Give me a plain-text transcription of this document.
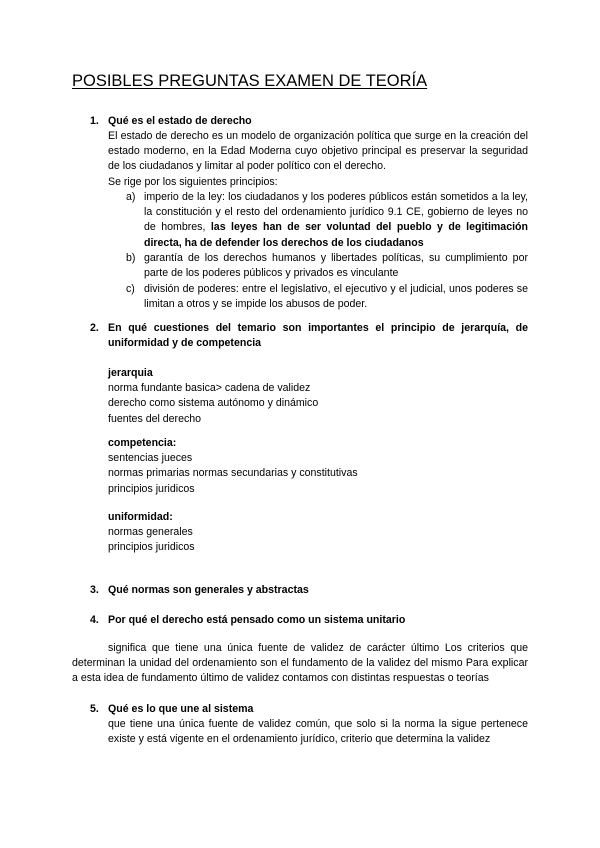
POSIBLES PREGUNTAS EXAMEN DE TEORÍA
1. Qué es el estado de derecho
El estado de derecho es un modelo de organización política que surge en la creación del estado moderno, en la Edad Moderna cuyo objetivo principal es preservar la seguridad de los ciudadanos y limitar al poder político con el derecho.
Se rige por los siguientes principios:
a) imperio de la ley: los ciudadanos y los poderes públicos están sometidos a la ley, la constitución y el resto del ordenamiento jurídico 9.1 CE, gobierno de leyes no de hombres, las leyes han de ser voluntad del pueblo y de legitimación directa, ha de defender los derechos de los ciudadanos
b) garantía de los derechos humanos y libertades políticas, su cumplimiento por parte de los poderes públicos y privados es vinculante
c) división de poderes: entre el legislativo, el ejecutivo y el judicial, unos poderes se limitan a otros y se impide los abusos de poder.
2. En qué cuestiones del temario son importantes el principio de jerarquía, de uniformidad y de competencia
jerarquia
norma fundante basica> cadena de validez
derecho como sistema autónomo y dinámico
fuentes del derecho
competencia:
sentencias jueces
normas primarias normas secundarias y constitutivas
principios juridicos
uniformidad:
normas generales
principios juridicos
3. Qué normas son generales y abstractas
4. Por qué el derecho está pensado como un sistema unitario
significa que tiene una única fuente de validez de carácter último Los criterios que determinan la unidad del ordenamiento son el fundamento de la validez del mismo Para explicar a esta idea de fundamento último de validez contamos con distintas respuestas o teorías
5. Qué es lo que une al sistema
que tiene una única fuente de validez común, que solo si la norma la sigue pertenece existe y está vigente en el ordenamiento jurídico, criterio que determina la validez
